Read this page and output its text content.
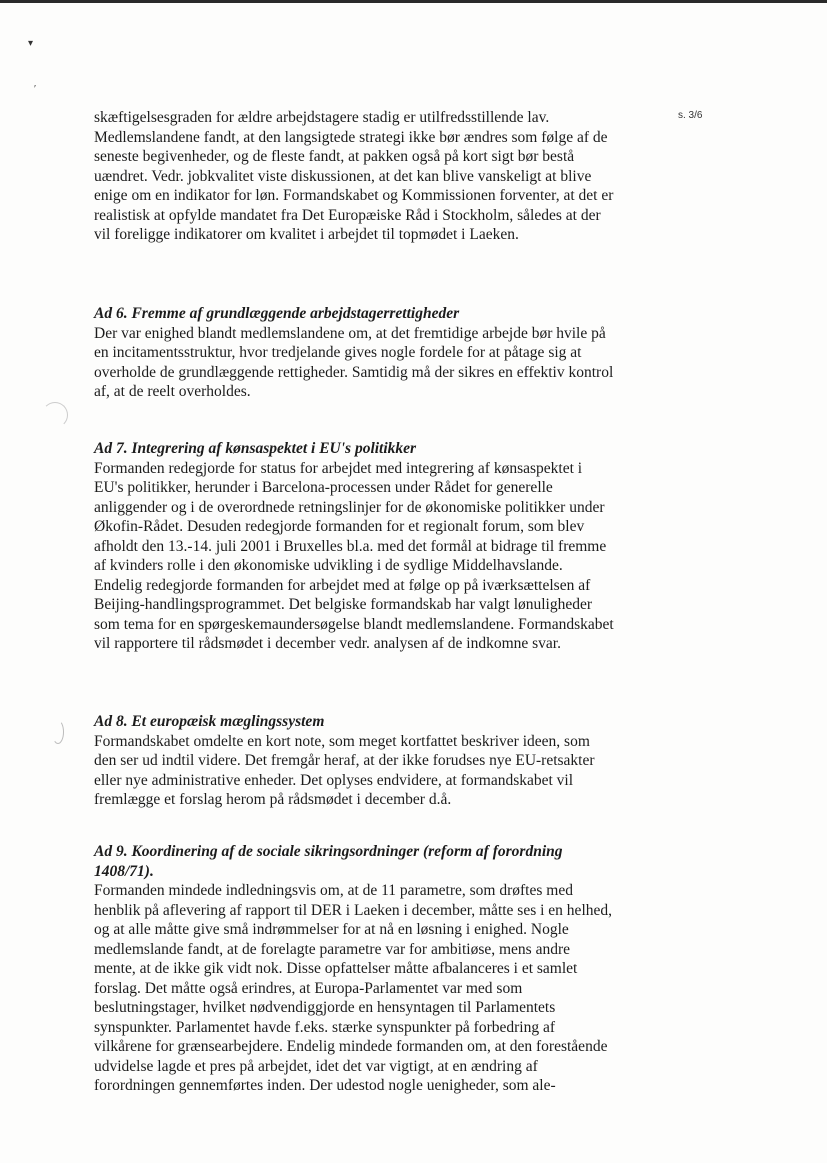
▾
′
s. 3/6

skæftigelsesgraden for ældre arbejdstagere stadig er utilfredsstillende lav. Medlemslandene fandt, at den langsigtede strategi ikke bør ændres som følge af de seneste begivenheder, og de fleste fandt, at pakken også på kort sigt bør bestå uændret. Vedr. jobkvalitet viste diskussionen, at det kan blive vanskeligt at blive enige om en indikator for løn. Formandskabet og Kommissionen forventer, at det er realistisk at opfylde mandatet fra Det Europæiske Råd i Stockholm, således at der vil foreligge indikatorer om kvalitet i arbejdet til topmødet i Laeken.

Ad 6. Fremme af grundlæggende arbejdstagerrettigheder

Der var enighed blandt medlemslandene om, at det fremtidige arbejde bør hvile på en incitamentsstruktur, hvor tredjelande gives nogle fordele for at påtage sig at overholde de grundlæggende rettigheder. Samtidig må der sikres en effektiv kontrol af, at de reelt overholdes.

Ad 7. Integrering af kønsaspektet i EU's politikker

Formanden redegjorde for status for arbejdet med integrering af kønsaspektet i EU's politikker, herunder i Barcelona-processen under Rådet for generelle anliggender og i de overordnede retningslinjer for de økonomiske politikker under Økofin-Rådet. Desuden redegjorde formanden for et regionalt forum, som blev afholdt den 13.-14. juli 2001 i Bruxelles bl.a. med det formål at bidrage til fremme af kvinders rolle i den økonomiske udvikling i de sydlige Middelhavslande. Endelig redegjorde formanden for arbejdet med at følge op på iværksættelsen af Beijing-handlingsprogrammet. Det belgiske formandskab har valgt lønuligheder som tema for en spørgeskemaundersøgelse blandt medlemslandene. Formandskabet vil rapportere til rådsmødet i december vedr. analysen af de indkomne svar.

Ad 8. Et europæisk mæglingssystem

Formandskabet omdelte en kort note, som meget kortfattet beskriver ideen, som den ser ud indtil videre. Det fremgår heraf, at der ikke forudses nye EU-retsakter eller nye administrative enheder. Det oplyses endvidere, at formandskabet vil fremlægge et forslag herom på rådsmødet i december d.å.

Ad 9. Koordinering af de sociale sikringsordninger (reform af forordning 1408/71).

Formanden mindede indledningsvis om, at de 11 parametre, som drøftes med henblik på aflevering af rapport til DER i Laeken i december, måtte ses i en helhed, og at alle måtte give små indrømmelser for at nå en løsning i enighed. Nogle medlemslande fandt, at de forelagte parametre var for ambitiøse, mens andre mente, at de ikke gik vidt nok. Disse opfattelser måtte afbalanceres i et samlet forslag. Det måtte også erindres, at Europa-Parlamentet var med som beslutningstager, hvilket nødvendiggjorde en hensyntagen til Parlamentets synspunkter. Parlamentet havde f.eks. stærke synspunkter på forbedring af vilkårene for grænsearbejdere. Endelig mindede formanden om, at den forestående udvidelse lagde et pres på arbejdet, idet det var vigtigt, at en ændring af forordningen gennemførtes inden. Der udestod nogle uenigheder, som ale-
